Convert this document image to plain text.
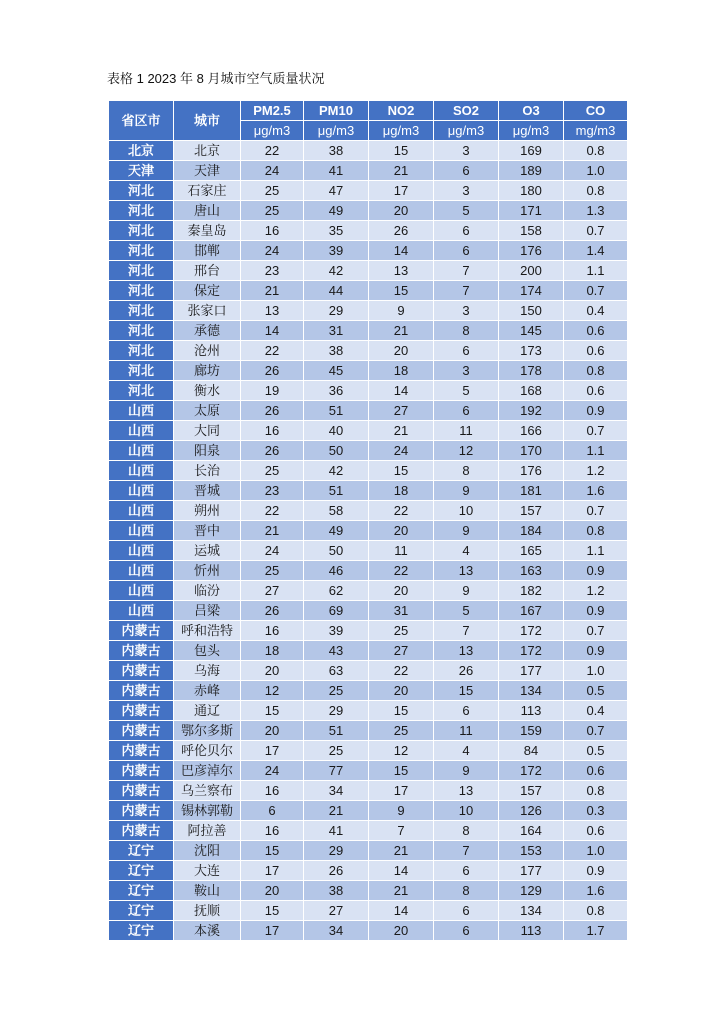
表格 1 2023 年 8 月城市空气质量状况
省区市	城市	PM2.5	PM10	NO2	SO2	O3	CO
		μg/m3	μg/m3	μg/m3	μg/m3	μg/m3	mg/m3
北京	北京	22	38	15	3	169	0.8
天津	天津	24	41	21	6	189	1.0
河北	石家庄	25	47	17	3	180	0.8
河北	唐山	25	49	20	5	171	1.3
河北	秦皇岛	16	35	26	6	158	0.7
河北	邯郸	24	39	14	6	176	1.4
河北	邢台	23	42	13	7	200	1.1
河北	保定	21	44	15	7	174	0.7
河北	张家口	13	29	9	3	150	0.4
河北	承德	14	31	21	8	145	0.6
河北	沧州	22	38	20	6	173	0.6
河北	廊坊	26	45	18	3	178	0.8
河北	衡水	19	36	14	5	168	0.6
山西	太原	26	51	27	6	192	0.9
山西	大同	16	40	21	11	166	0.7
山西	阳泉	26	50	24	12	170	1.1
山西	长治	25	42	15	8	176	1.2
山西	晋城	23	51	18	9	181	1.6
山西	朔州	22	58	22	10	157	0.7
山西	晋中	21	49	20	9	184	0.8
山西	运城	24	50	11	4	165	1.1
山西	忻州	25	46	22	13	163	0.9
山西	临汾	27	62	20	9	182	1.2
山西	吕梁	26	69	31	5	167	0.9
内蒙古	呼和浩特	16	39	25	7	172	0.7
内蒙古	包头	18	43	27	13	172	0.9
内蒙古	乌海	20	63	22	26	177	1.0
内蒙古	赤峰	12	25	20	15	134	0.5
内蒙古	通辽	15	29	15	6	113	0.4
内蒙古	鄂尔多斯	20	51	25	11	159	0.7
内蒙古	呼伦贝尔	17	25	12	4	84	0.5
内蒙古	巴彦淖尔	24	77	15	9	172	0.6
内蒙古	乌兰察布	16	34	17	13	157	0.8
内蒙古	锡林郭勒	6	21	9	10	126	0.3
内蒙古	阿拉善	16	41	7	8	164	0.6
辽宁	沈阳	15	29	21	7	153	1.0
辽宁	大连	17	26	14	6	177	0.9
辽宁	鞍山	20	38	21	8	129	1.6
辽宁	抚顺	15	27	14	6	134	0.8
辽宁	本溪	17	34	20	6	113	1.7
